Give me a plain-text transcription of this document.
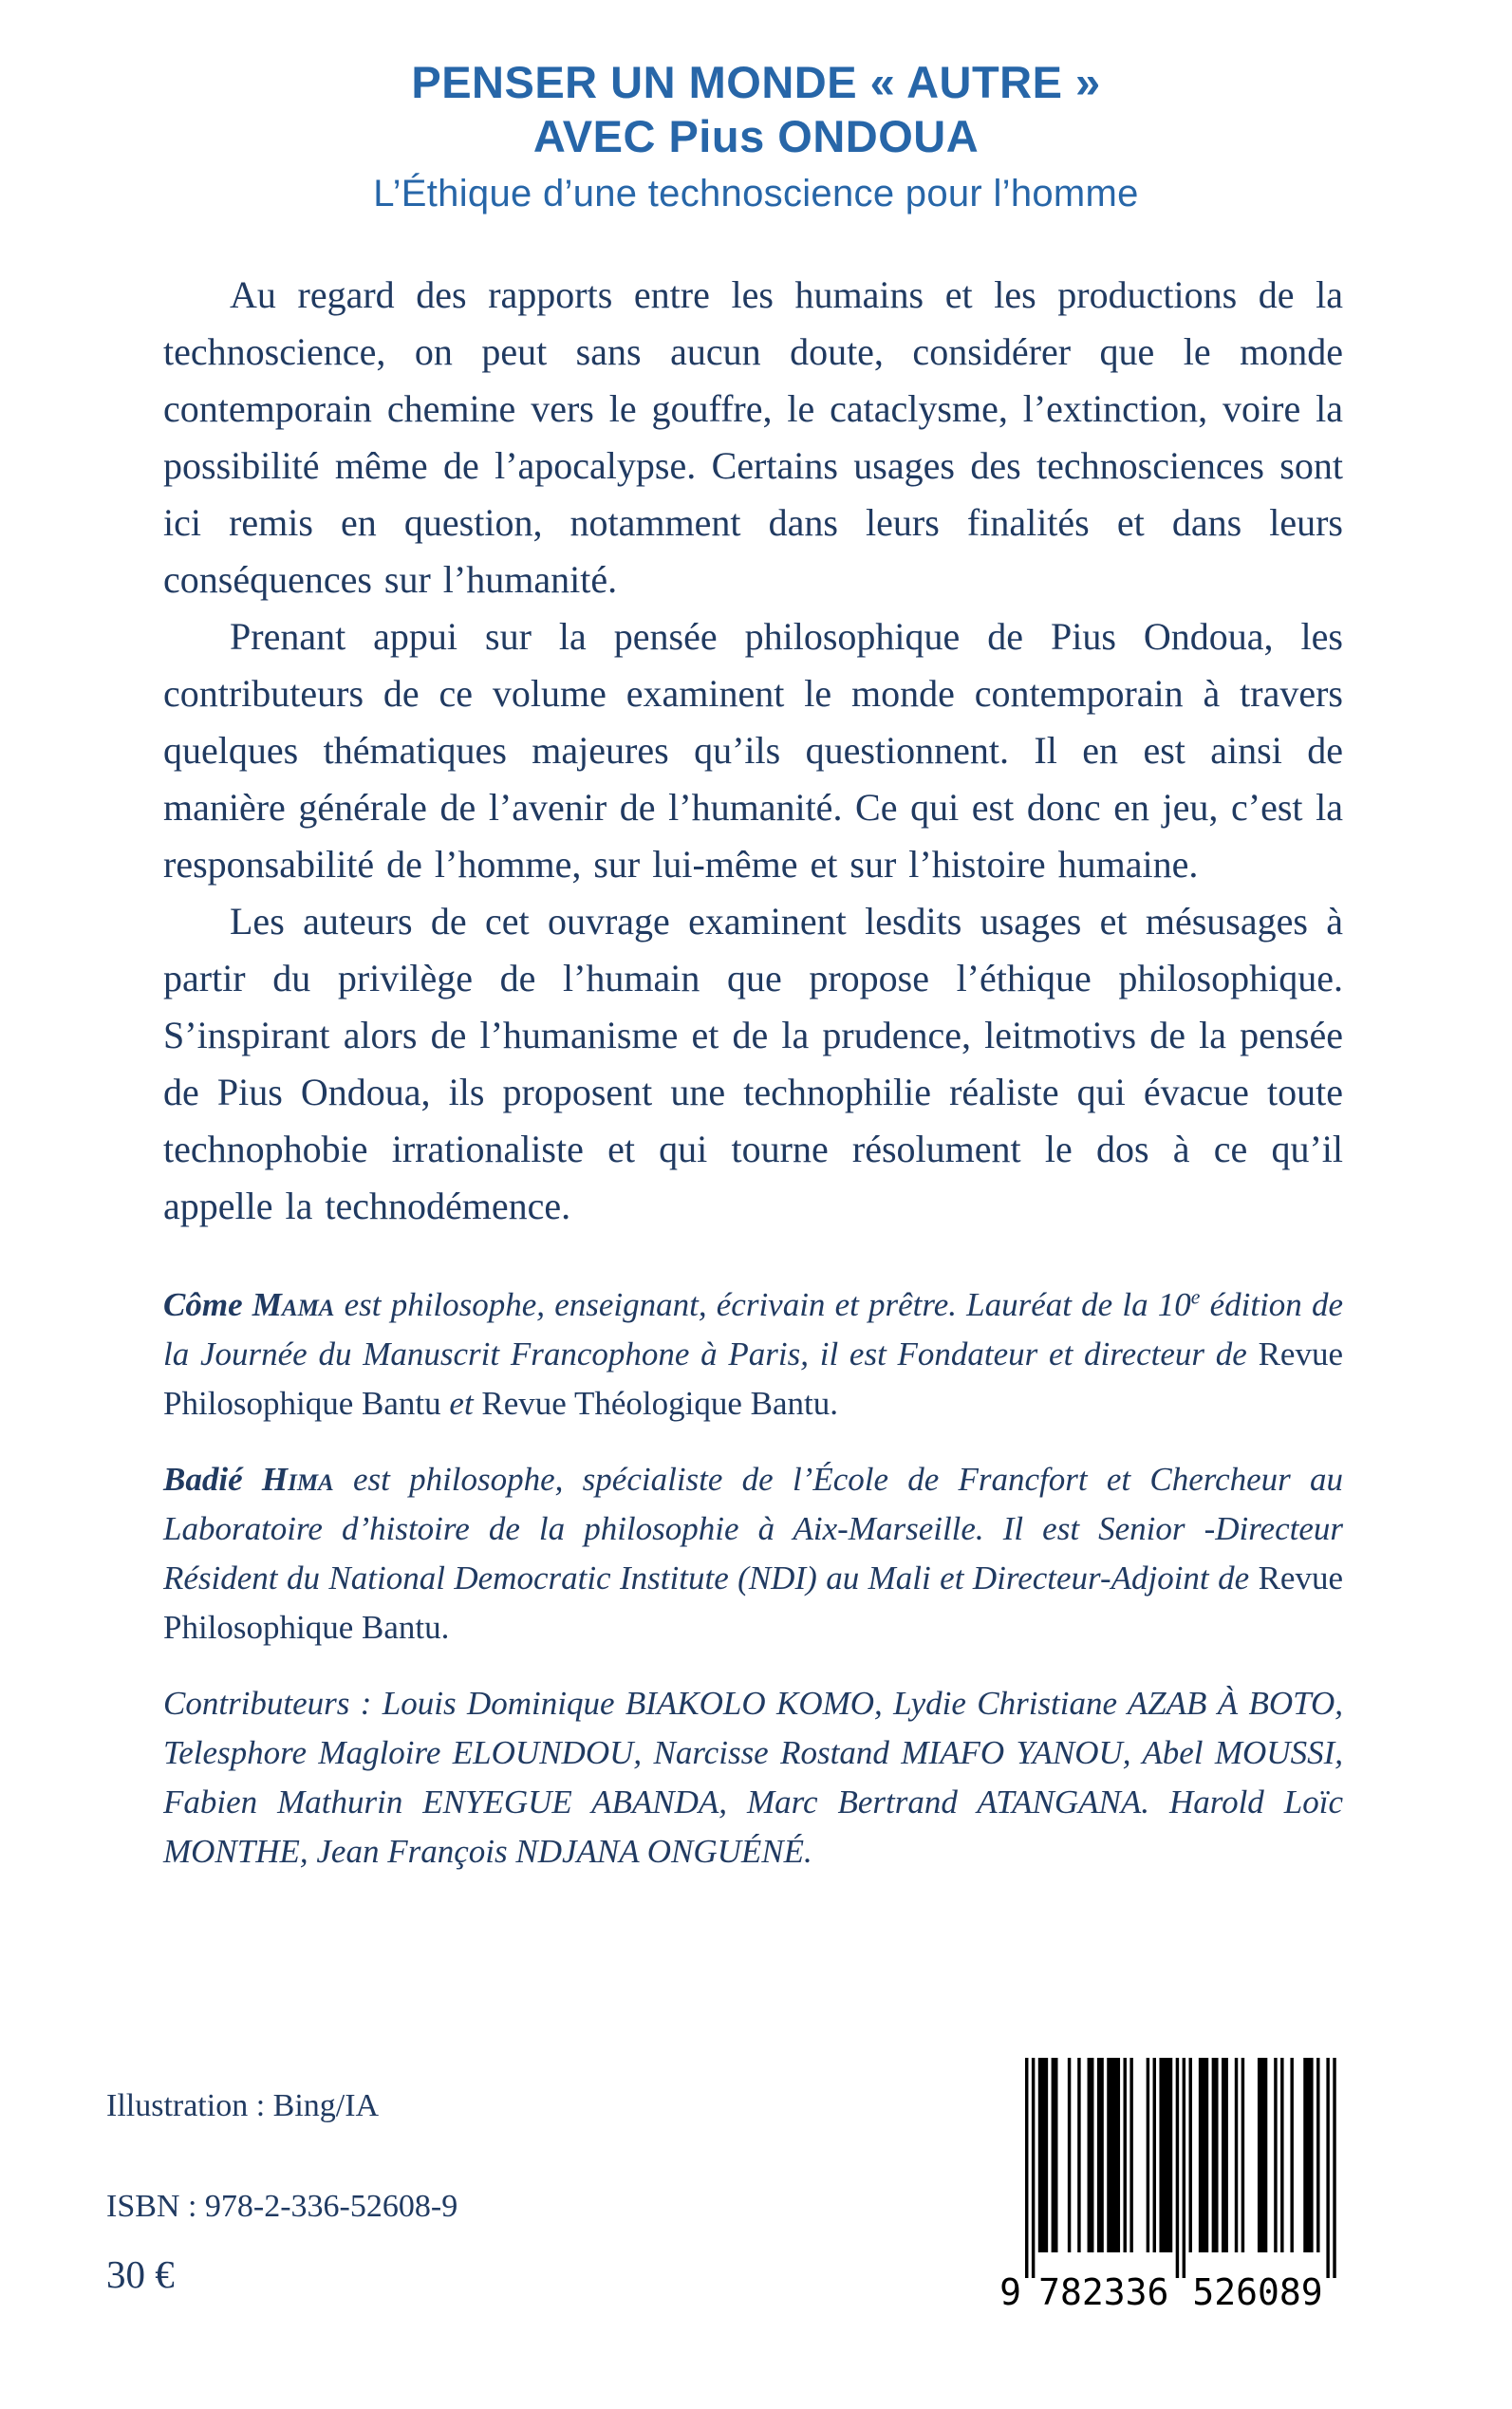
PENSER UN MONDE « AUTRE »
AVEC Pius ONDOUA
L’Éthique d’une technoscience pour l’homme

Au regard des rapports entre les humains et les productions de la technoscience, on peut sans aucun doute, considérer que le monde contemporain chemine vers le gouffre, le cataclysme, l’extinction, voire la possibilité même de l’apocalypse. Certains usages des technosciences sont ici remis en question, notamment dans leurs finalités et dans leurs conséquences sur l’humanité.

Prenant appui sur la pensée philosophique de Pius Ondoua, les contributeurs de ce volume examinent le monde contemporain à travers quelques thématiques majeures qu’ils questionnent. Il en est ainsi de manière générale de l’avenir de l’humanité. Ce qui est donc en jeu, c’est la responsabilité de l’homme, sur lui-même et sur l’histoire humaine.

Les auteurs de cet ouvrage examinent lesdits usages et mésusages à partir du privilège de l’humain que propose l’éthique philosophique. S’inspirant alors de l’humanisme et de la prudence, leitmotivs de la pensée de Pius Ondoua, ils proposent une technophilie réaliste qui évacue toute technophobie irrationaliste et qui tourne résolument le dos à ce qu’il appelle la technodémence.

Côme Mama est philosophe, enseignant, écrivain et prêtre. Lauréat de la 10e édition de la Journée du Manuscrit Francophone à Paris, il est Fondateur et directeur de Revue Philosophique Bantu et Revue Théologique Bantu.

Badié Hima est philosophe, spécialiste de l’École de Francfort et Chercheur au Laboratoire d’histoire de la philosophie à Aix-Marseille. Il est Senior -Directeur Résident du National Democratic Institute (NDI) au Mali et Directeur-Adjoint de Revue Philosophique Bantu.

Contributeurs : Louis Dominique BIAKOLO KOMO, Lydie Christiane AZAB À BOTO, Telesphore Magloire ELOUNDOU, Narcisse Rostand MIAFO YANOU, Abel MOUSSI, Fabien Mathurin ENYEGUE ABANDA, Marc Bertrand ATANGANA. Harold Loïc MONTHE, Jean François NDJANA ONGUÉNÉ.

Illustration : Bing/IA
ISBN : 978-2-336-52608-9
30 €	9 782336 526089
